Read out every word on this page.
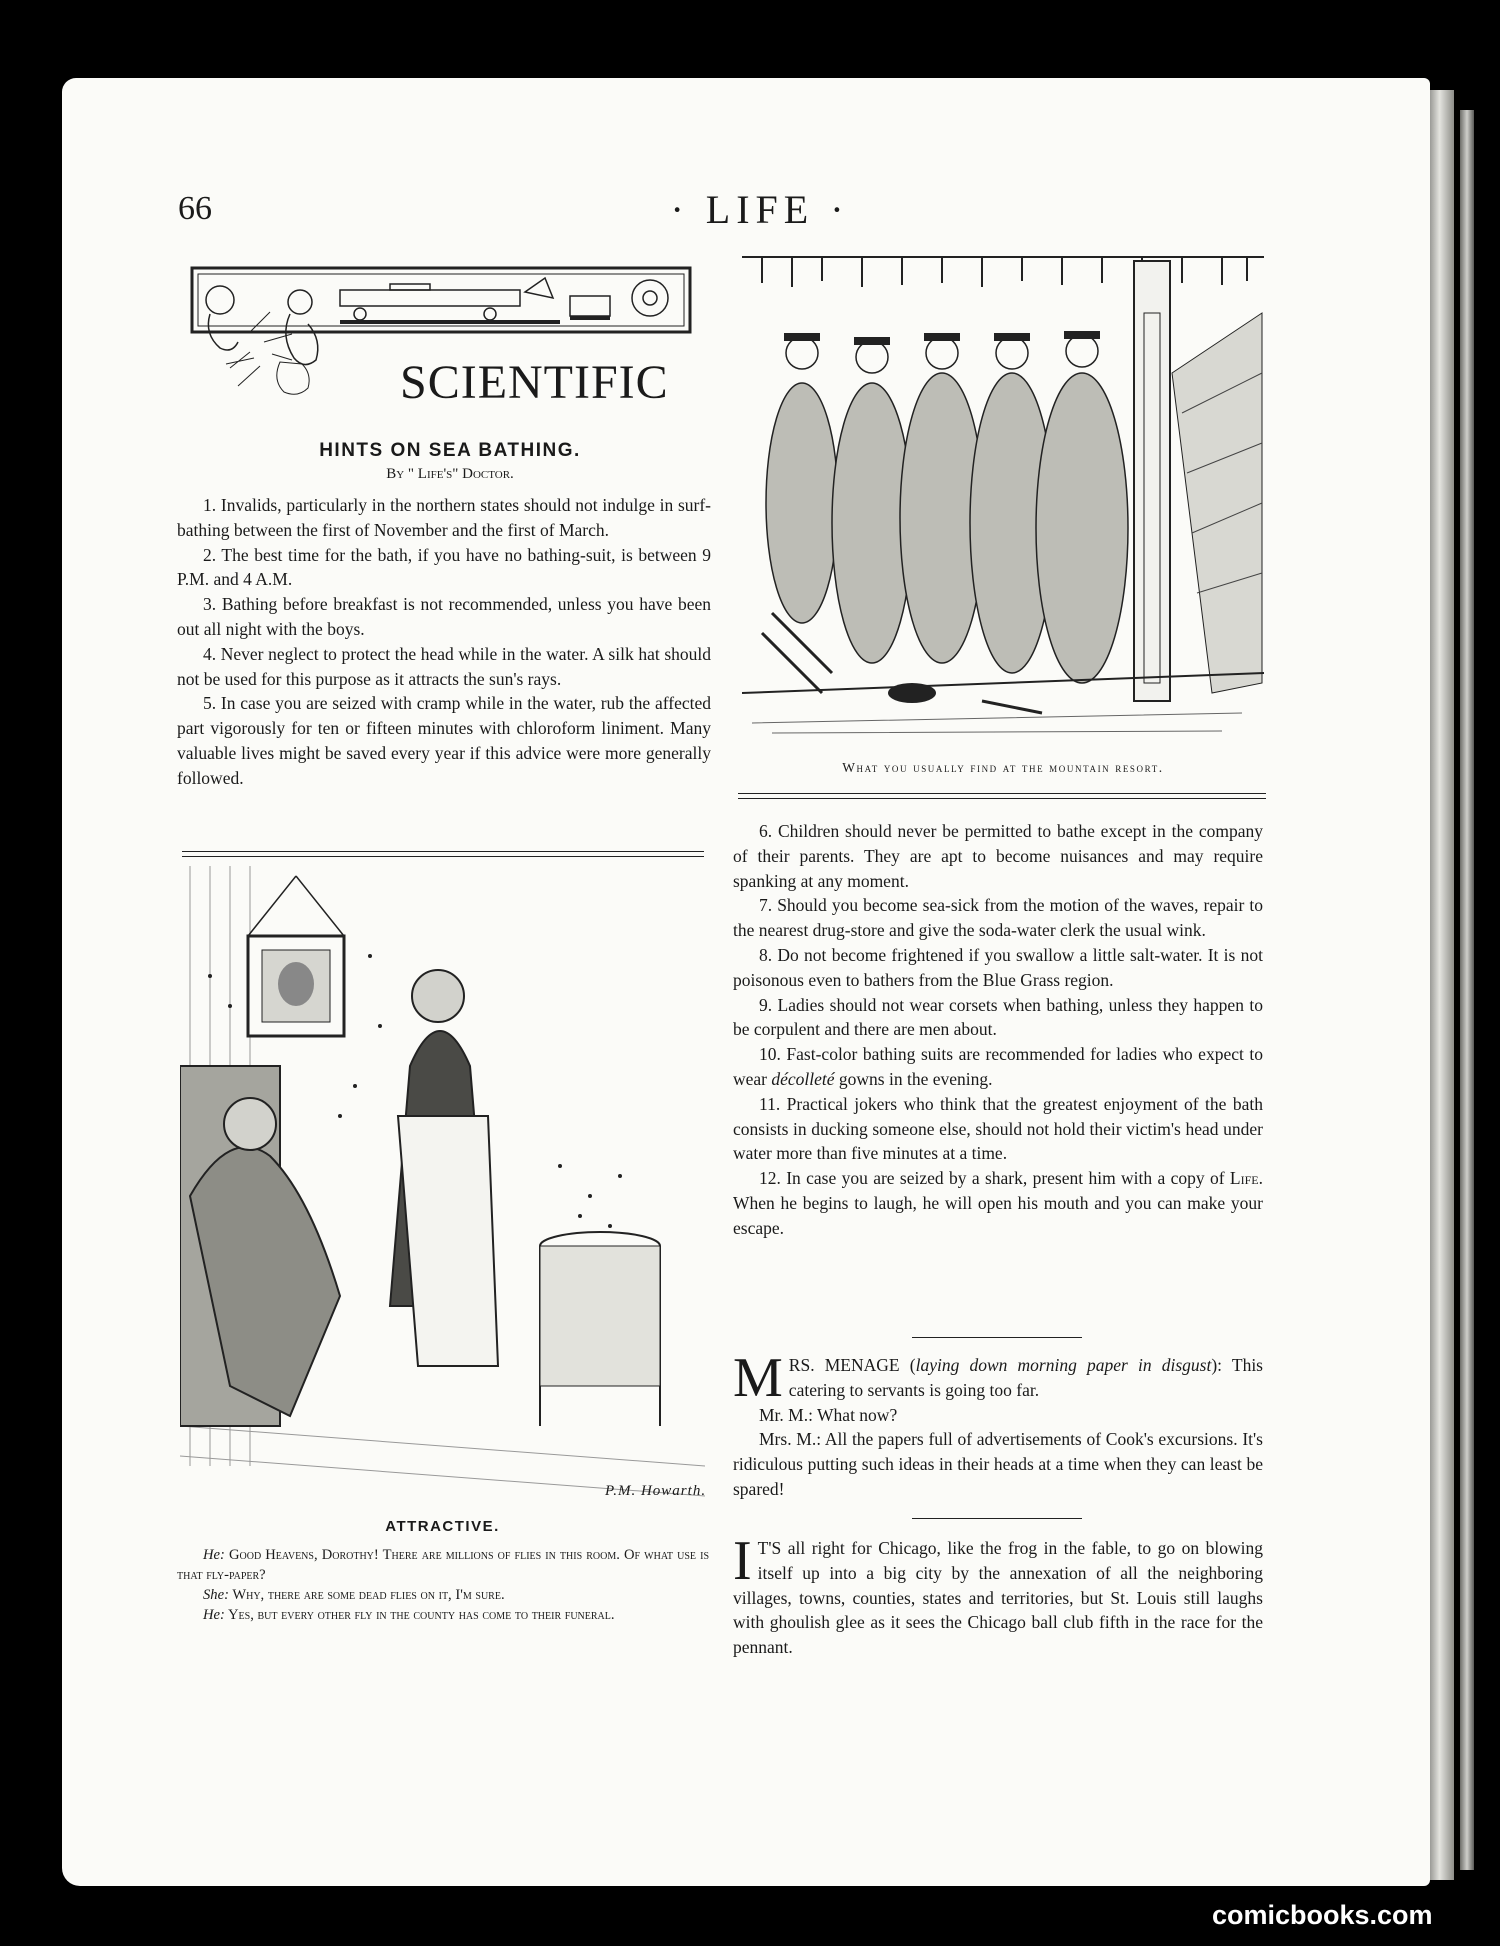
66	· LIFE ·
SCIENTIFIC
HINTS ON SEA BATHING.
By " Life's" Doctor.

1. Invalids, particularly in the northern states should not indulge in surf-bathing between the first of November and the first of March.

2. The best time for the bath, if you have no bathing-suit, is between 9 P.M. and 4 A.M.

3. Bathing before breakfast is not recommended, unless you have been out all night with the boys.

4. Never neglect to protect the head while in the water. A silk hat should not be used for this purpose as it attracts the sun's rays.

5. In case you are seized with cramp while in the water, rub the affected part vigorously for ten or fifteen minutes with chloroform liniment. Many valuable lives might be saved every year if this advice were more generally followed.

What you usually find at the mountain resort.

6. Children should never be permitted to bathe except in the company of their parents. They are apt to become nuisances and may require spanking at any moment.

7. Should you become sea-sick from the motion of the waves, repair to the nearest drug-store and give the soda-water clerk the usual wink.

8. Do not become frightened if you swallow a little salt-water. It is not poisonous even to bathers from the Blue Grass region.

9. Ladies should not wear corsets when bathing, unless they happen to be corpulent and there are men about.

10. Fast-color bathing suits are recommended for ladies who expect to wear décolleté gowns in the evening.

11. Practical jokers who think that the greatest enjoyment of the bath consists in ducking someone else, should not hold their victim's head under water more than five minutes at a time.

12. In case you are seized by a shark, present him with a copy of Life. When he begins to laugh, he will open his mouth and you can make your escape.

P.M. Howarth.
ATTRACTIVE.

He: Good Heavens, Dorothy! There are millions of flies in this room. Of what use is that fly-paper?

She: Why, there are some dead flies on it, I'm sure.

He: Yes, but every other fly in the county has come to their funeral.

MRS. MENAGE (laying down morning paper in disgust): This catering to servants is going too far.

Mr. M.: What now?

Mrs. M.: All the papers full of advertisements of Cook's excursions. It's ridiculous putting such ideas in their heads at a time when they can least be spared!

I T'S all right for Chicago, like the frog in the fable, to go on blowing itself up into a big city by the annexation of all the neighboring villages, towns, counties, states and territories, but St. Louis still laughs with ghoulish glee as it sees the Chicago ball club fifth in the race for the pennant.

comicbooks.com
